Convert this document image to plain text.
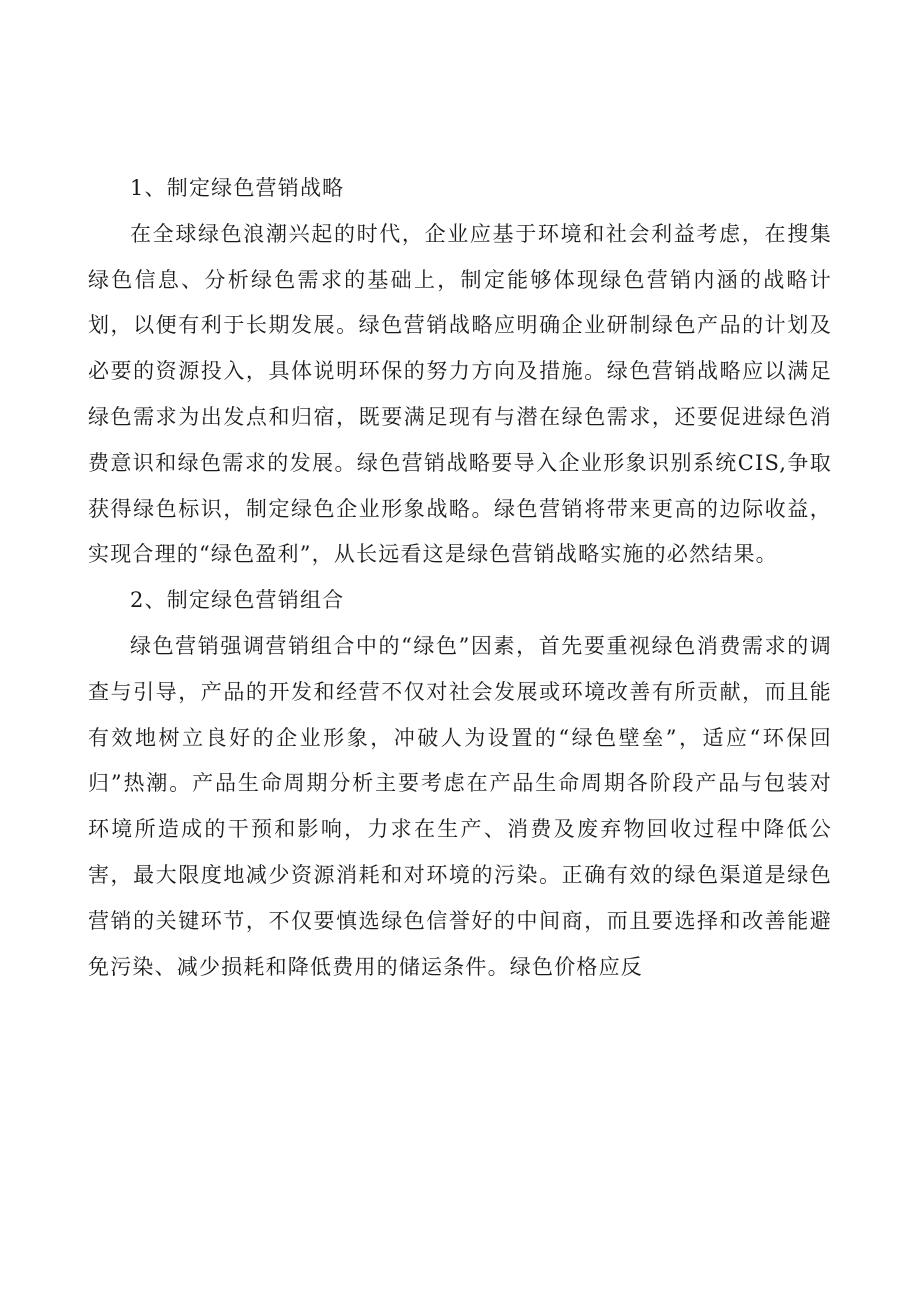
1、制定绿色营销战略

在全球绿色浪潮兴起的时代，企业应基于环境和社会利益考虑，在搜集绿色信息、分析绿色需求的基础上，制定能够体现绿色营销内涵的战略计划，以便有利于长期发展。绿色营销战略应明确企业研制绿色产品的计划及必要的资源投入，具体说明环保的努力方向及措施。绿色营销战略应以满足绿色需求为出发点和归宿，既要满足现有与潜在绿色需求，还要促进绿色消费意识和绿色需求的发展。绿色营销战略要导入企业形象识别系统CIS,争取获得绿色标识，制定绿色企业形象战略。绿色营销将带来更高的边际收益，实现合理的“绿色盈利”，从长远看这是绿色营销战略实施的必然结果。

2、制定绿色营销组合

绿色营销强调营销组合中的“绿色”因素，首先要重视绿色消费需求的调查与引导，产品的开发和经营不仅对社会发展或环境改善有所贡献，而且能有效地树立良好的企业形象，冲破人为设置的“绿色壁垒”，适应“环保回归”热潮。产品生命周期分析主要考虑在产品生命周期各阶段产品与包装对环境所造成的干预和影响，力求在生产、消费及废弃物回收过程中降低公害，最大限度地减少资源消耗和对环境的污染。正确有效的绿色渠道是绿色营销的关键环节，不仅要慎选绿色信誉好的中间商，而且要选择和改善能避免污染、减少损耗和降低费用的储运条件。绿色价格应反
